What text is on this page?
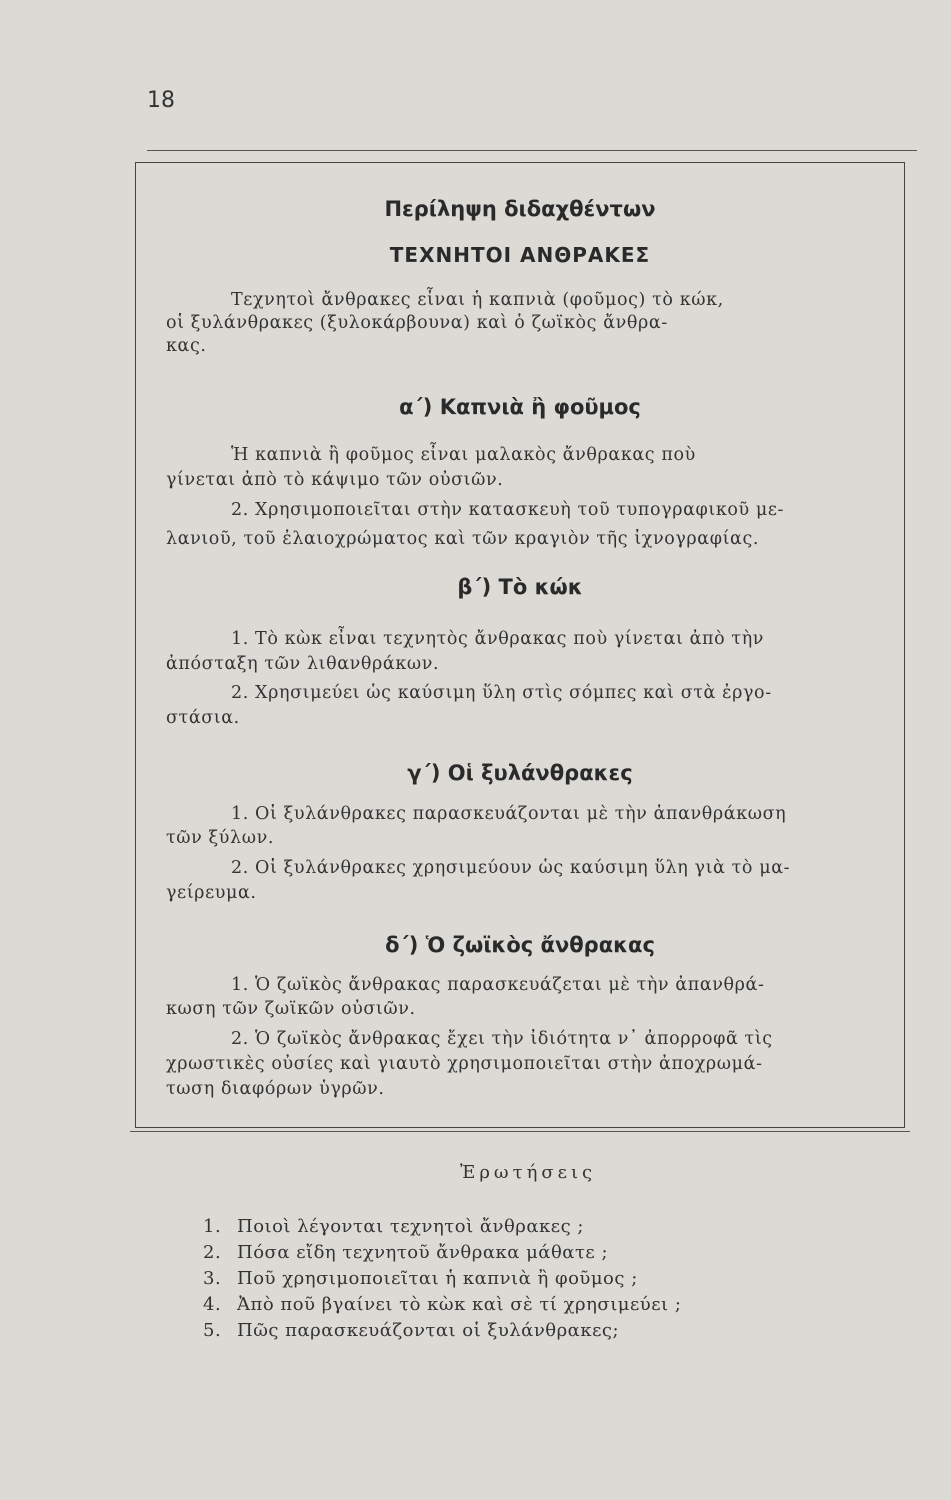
18
Περίληψη διδαχθέντων
ΤΕΧΝΗΤΟΙ ΑΝΘΡΑΚΕΣ
Τεχνητοὶ ἄνθρακες εἶναι ἡ καπνιὰ (φοῦμος) τὸ κώκ,
οἱ ξυλάνθρακες (ξυλοκάρβουνα) καὶ ὁ ζωϊκὸς ἄνθρα-
κας.
α΄) Καπνιὰ ἢ φοῦμος
Ἡ καπνιὰ ἢ φοῦμος εἶναι μαλακὸς ἄνθρακας ποὺ
γίνεται ἀπὸ τὸ κάψιμο τῶν οὐσιῶν.
2. Χρησιμοποιεῖται στὴν κατασκευὴ τοῦ τυπογραφικοῦ με-
λανιοῦ, τοῦ ἐλαιοχρώματος καὶ τῶν κραγιὸν τῆς ἰχνογραφίας.
β΄) Τὸ κώκ
1. Τὸ κὼκ εἶναι τεχνητὸς ἄνθρακας ποὺ γίνεται ἀπὸ τὴν
ἀπόσταξη τῶν λιθανθράκων.
2. Χρησιμεύει ὡς καύσιμη ὕλη στὶς σόμπες καὶ στὰ ἐργο-
στάσια.
γ΄) Οἱ ξυλάνθρακες
1. Οἱ ξυλάνθρακες παρασκευάζονται μὲ τὴν ἀπανθράκωση
τῶν ξύλων.
2. Οἱ ξυλάνθρακες χρησιμεύουν ὡς καύσιμη ὕλη γιὰ τὸ μα-
γείρευμα.
δ΄) Ὁ ζωϊκὸς ἄνθρακας
1. Ὁ ζωϊκὸς ἄνθρακας παρασκευάζεται μὲ τὴν ἀπανθρά-
κωση τῶν ζωϊκῶν οὐσιῶν.
2. Ὁ ζωϊκὸς ἄνθρακας ἔχει τὴν ἰδιότητα ν᾽ ἀπορροφᾶ τὶς
χρωστικὲς οὐσίες καὶ γιαυτὸ χρησιμοποιεῖται στὴν ἀποχρωμά-
τωση διαφόρων ὑγρῶν.
Ἐρωτήσεις
1. Ποιοὶ λέγονται τεχνητοὶ ἄνθρακες ;
2. Πόσα εἴδη τεχνητοῦ ἄνθρακα μάθατε ;
3. Ποῦ χρησιμοποιεῖται ἡ καπνιὰ ἢ φοῦμος ;
4. Ἀπὸ ποῦ βγαίνει τὸ κὼκ καὶ σὲ τί χρησιμεύει ;
5. Πῶς παρασκευάζονται οἱ ξυλάνθρακες;
